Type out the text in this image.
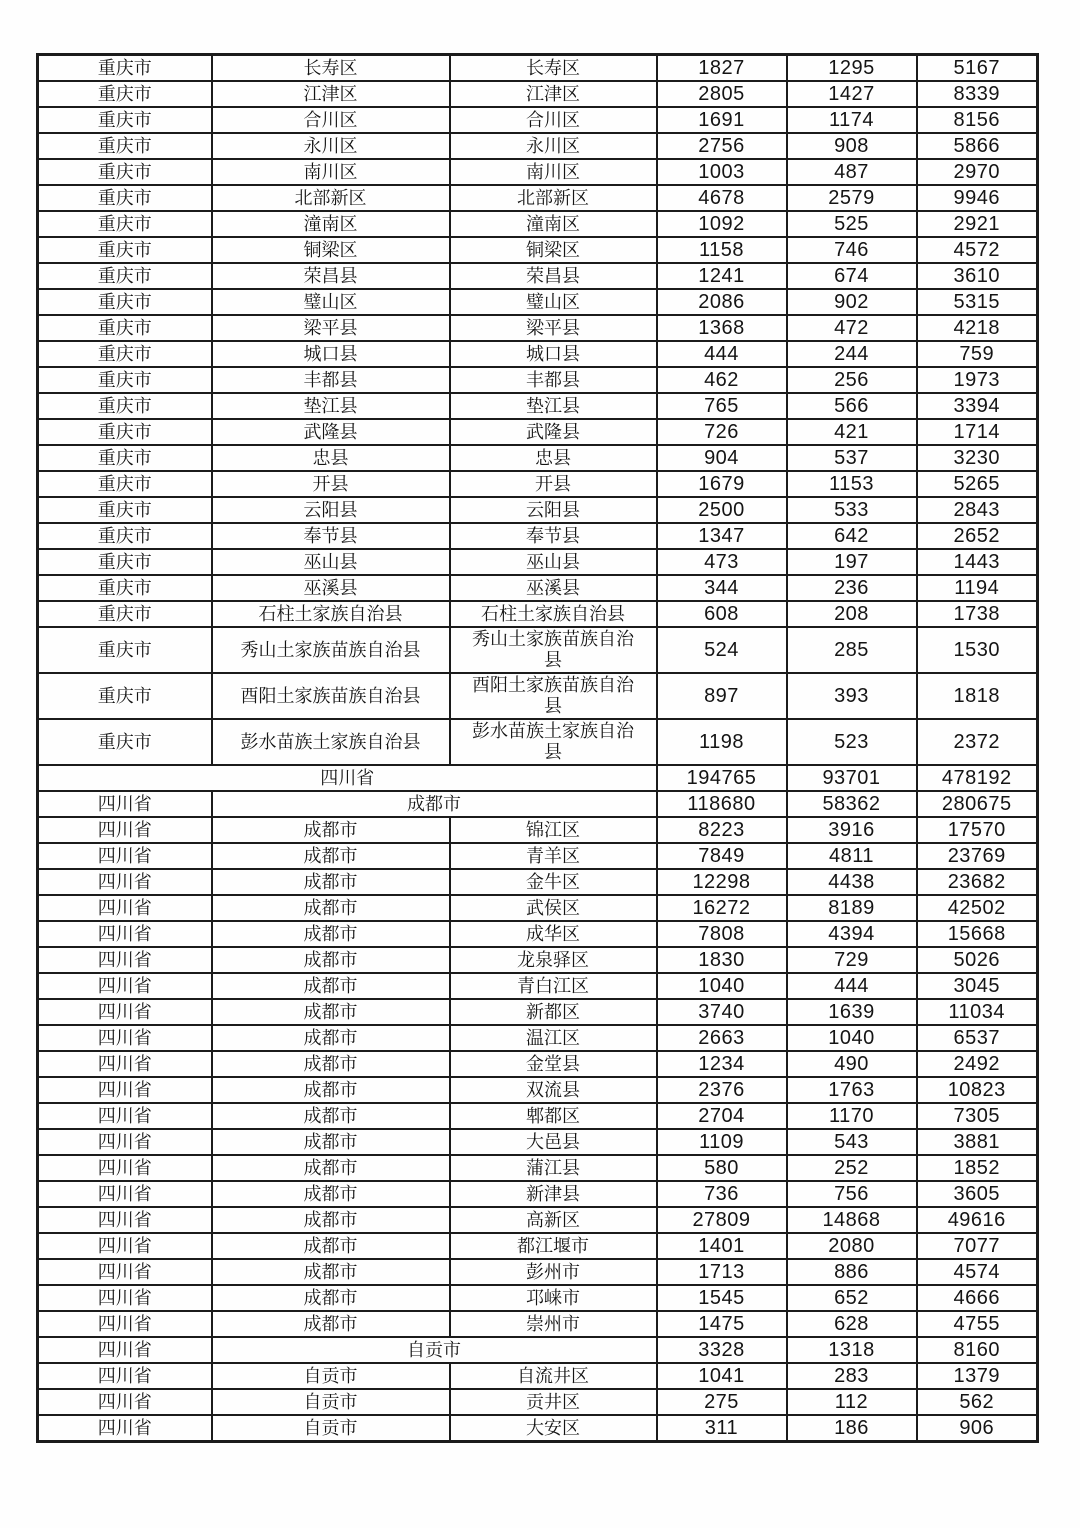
重庆市	长寿区	长寿区	1827	1295	5167
重庆市	江津区	江津区	2805	1427	8339
重庆市	合川区	合川区	1691	1174	8156
重庆市	永川区	永川区	2756	908	5866
重庆市	南川区	南川区	1003	487	2970
重庆市	北部新区	北部新区	4678	2579	9946
重庆市	潼南区	潼南区	1092	525	2921
重庆市	铜梁区	铜梁区	1158	746	4572
重庆市	荣昌县	荣昌县	1241	674	3610
重庆市	璧山区	璧山区	2086	902	5315
重庆市	梁平县	梁平县	1368	472	4218
重庆市	城口县	城口县	444	244	759
重庆市	丰都县	丰都县	462	256	1973
重庆市	垫江县	垫江县	765	566	3394
重庆市	武隆县	武隆县	726	421	1714
重庆市	忠县	忠县	904	537	3230
重庆市	开县	开县	1679	1153	5265
重庆市	云阳县	云阳县	2500	533	2843
重庆市	奉节县	奉节县	1347	642	2652
重庆市	巫山县	巫山县	473	197	1443
重庆市	巫溪县	巫溪县	344	236	1194
重庆市	石柱土家族自治县	石柱土家族自治县	608	208	1738
重庆市	秀山土家族苗族自治县	秀山土家族苗族自治县	524	285	1530
重庆市	酉阳土家族苗族自治县	酉阳土家族苗族自治县	897	393	1818
重庆市	彭水苗族土家族自治县	彭水苗族土家族自治县	1198	523	2372
四川省			194765	93701	478192
四川省	成都市		118680	58362	280675
四川省	成都市	锦江区	8223	3916	17570
四川省	成都市	青羊区	7849	4811	23769
四川省	成都市	金牛区	12298	4438	23682
四川省	成都市	武侯区	16272	8189	42502
四川省	成都市	成华区	7808	4394	15668
四川省	成都市	龙泉驿区	1830	729	5026
四川省	成都市	青白江区	1040	444	3045
四川省	成都市	新都区	3740	1639	11034
四川省	成都市	温江区	2663	1040	6537
四川省	成都市	金堂县	1234	490	2492
四川省	成都市	双流县	2376	1763	10823
四川省	成都市	郫都区	2704	1170	7305
四川省	成都市	大邑县	1109	543	3881
四川省	成都市	蒲江县	580	252	1852
四川省	成都市	新津县	736	756	3605
四川省	成都市	高新区	27809	14868	49616
四川省	成都市	都江堰市	1401	2080	7077
四川省	成都市	彭州市	1713	886	4574
四川省	成都市	邛崃市	1545	652	4666
四川省	成都市	崇州市	1475	628	4755
四川省	自贡市		3328	1318	8160
四川省	自贡市	自流井区	1041	283	1379
四川省	自贡市	贡井区	275	112	562
四川省	自贡市	大安区	311	186	906
